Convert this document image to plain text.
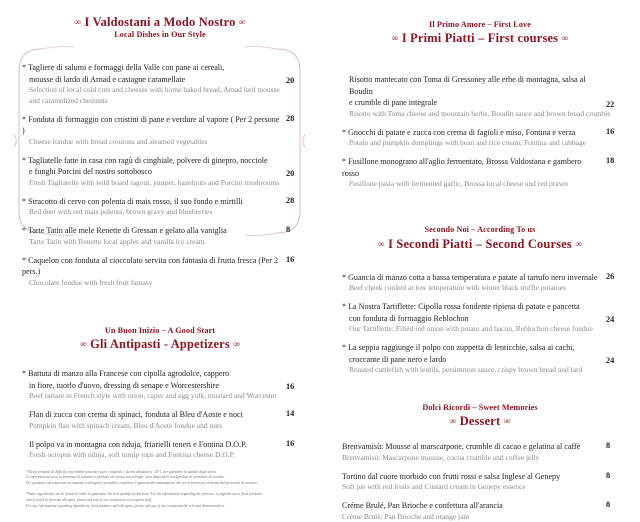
∞ I Valdostani a Modo Nostro ∞
Local Dishes in Our Style
* Tagliere di salumi e formaggi della Valle con pane ai cereali,
mousse di lardo di Arnad e castagne caramellate	20
Selection of local cold cuts and cheeses with home baked bread, Arnad lard mousse
and caramelized chestnuts
* Fonduta di formaggio con crostini di pane e verdure al vapore ( Per 2 persone )
28
Cheese fondue with bread croutons and steamed vegetables
* Tagliatelle fatte in casa con ragù di cinghiale, polvere di ginepro, nocciole
e funghi Porcini del nostro sottobosco	20
Fresh Tagliatelle with wild board ragout, juniper, hazelnuts and Porcini mushrooms
* Stracotto di cervo con polenta di mais rosso, il suo fondo e mirtilli	28
Red deer with red mais polenta, brown gravy and blueberries
* Tarte Tatin alle mele Renette di Gressan e gelato alla vaniglia	8
Tarte Tatin with Renette local apples and vanilla ice cream
* Caquelon con fonduta al cioccolato servita con fantasia di frutta fresca (Per 2 pers.)
16
Chocolate fondue with fresh fruit fantasy
Un Buon Inizio – A Good Start
∞ Gli Antipasti - Appetizers ∞
* Battuta di manzo alla Francese con cipolla agrodolce, cappero
in fiore, tuorlo d'uovo, dressing di senape e Worcestershire	16
Beef tartare in French style with orion, caper and egg yolk, mustard and Worcester
Flan di zucca con crema di spinaci, fonduta al Bleu d'Aoste e noci	14
Pumpkin flan with spinach cream, Bleu d'Aoste fondue and nuts
Il polpo va in montagna con nduja, friarielli teneri e Fontina D.O.P.	16
Fresh octopus with nduja, soft turnip tops and Fontina cheese D.O.P.
*Alcuni prodotti di difficile reperibilità possono essere congelati e da noi abbattuti a -25°C per garantire la qualità degli stessi.
Le informazioni circa la presenza di sostanze o prodotti che provocano allergie sono disponibili rivolgendosi al personale di servizio.
Per qualsiasi informazione su sostanze e allergeni è possibile consultare l'apposita documentazione che verrà fornita su richiesta dal personale di servizio.
*Some ingredients can be frozen in order to guarantee the best quality of that item. For the information regarding the presence of ingredients or food products,
which could be provoke allergies, please ask any of our restaurant or reception staff.
For any information regarding ingredients, food products and allergens, please ask any of our restaurant the relevant documentation.
Il Primo Amore – First Love
∞ I Primi Piatti – First courses ∞
Risotto mantecato con Toma di Gressoney alle erbe di montagna, salsa al Boudin
e crumble di pane integrale	22
Risotto with Toma cheese and mountain herbs, Boudin sauce and brown bread crumble
* Gnocchi di patate e zucca con crema di fagioli e miso, Fontina e verza	16
Potato and pumpkin dumplings with bean and rice cream, Fontina and cabbage
* Fusillone monograno all'aglio fermentato, Brossa Valdostana e gambero rosso
18
Fusillone pasta with fermented garlic, Brossa local cheese and red prawn
Secondo Noi – According To us
∞ I Secondi Piatti – Second Courses ∞
* Guancia di manzo cotta a bassa temperatura e patate al tartufo nero invernale 26
Beef cheek cooked at low temperature with winter black truffle potatoes
* La Nostra Tartiflette: Cipolla rossa fondente ripiena di patate e pancetta
con fonduta di formaggio Reblochon	24
Our Tartiflette: Filled red onion with potato and bacon, Reblochon cheese fondue
* La seppia raggiunge il polpo con zuppetta di lenticchie, salsa ai cachi,
croccante di pane nero e lardo	24
Roasted cuttlefish with lentils, persimmon sauce, crispy brown bread and lard
Dolci Ricordi – Sweet Memories
∞ Dessert ∞
Brenvamisù: Mousse al marscarpone, crumble di cacao e gelatina al caffè	8
Brenvamisù: Mascarpone mousse, cocoa crumble and coffee jelly
Tortino dal cuore morbido con frutti rossi e salsa Inglese al Genepy	8
Soft pie with red fruits and Custard cream in Genepy essence
Créme Brulé, Pan Brioche e confettura all'arancia	8
Créme Brulé, Pan Brioche and orange jam
